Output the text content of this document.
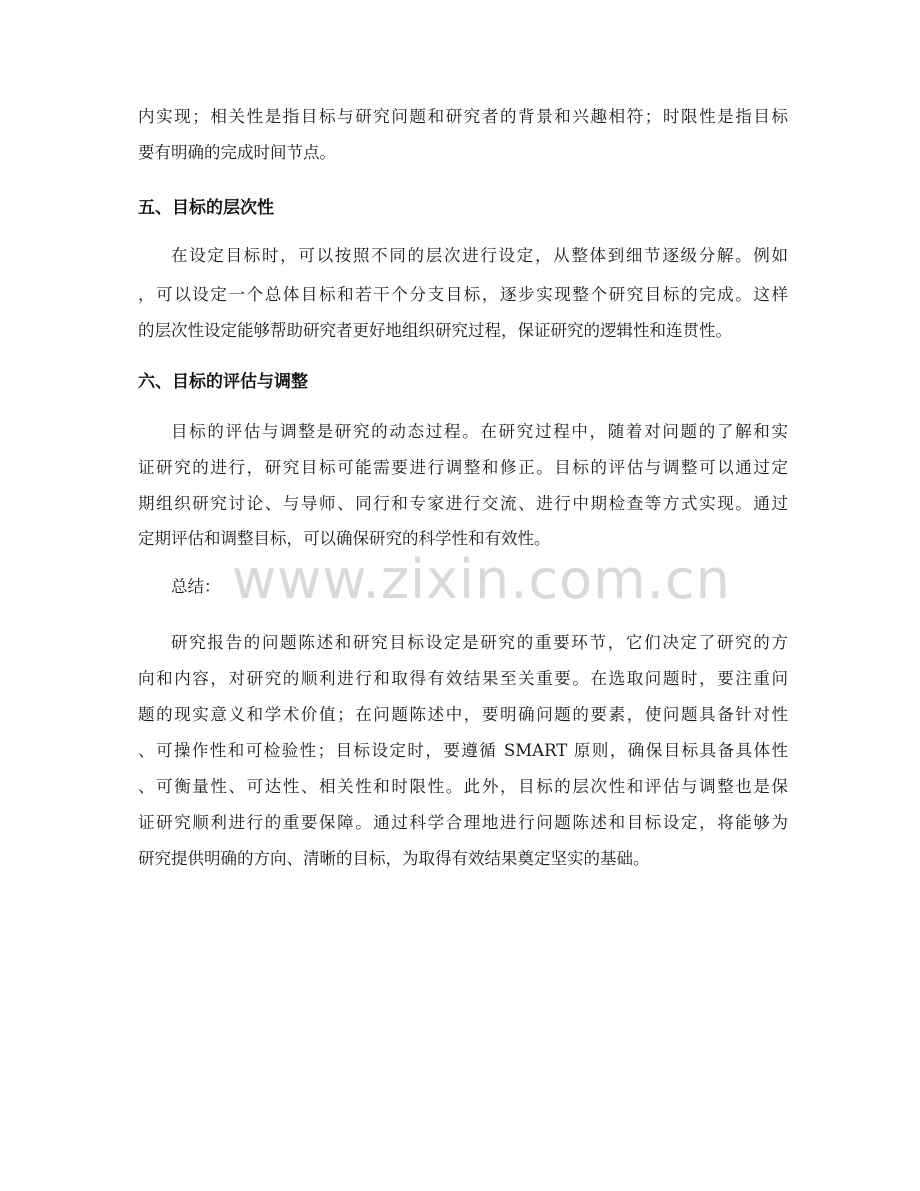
内实现；相关性是指目标与研究问题和研究者的背景和兴趣相符；时限性是指目标
要有明确的完成时间节点。
五、目标的层次性
在设定目标时，可以按照不同的层次进行设定，从整体到细节逐级分解。例如
，可以设定一个总体目标和若干个分支目标，逐步实现整个研究目标的完成。这样
的层次性设定能够帮助研究者更好地组织研究过程，保证研究的逻辑性和连贯性。
六、目标的评估与调整
目标的评估与调整是研究的动态过程。在研究过程中，随着对问题的了解和实
证研究的进行，研究目标可能需要进行调整和修正。目标的评估与调整可以通过定
期组织研究讨论、与导师、同行和专家进行交流、进行中期检查等方式实现。通过
定期评估和调整目标，可以确保研究的科学性和有效性。
www.zixin.com.cn
总结：
研究报告的问题陈述和研究目标设定是研究的重要环节，它们决定了研究的方
向和内容，对研究的顺利进行和取得有效结果至关重要。在选取问题时，要注重问
题的现实意义和学术价值；在问题陈述中，要明确问题的要素，使问题具备针对性
、可操作性和可检验性；目标设定时，要遵循 SMART 原则，确保目标具备具体性
、可衡量性、可达性、相关性和时限性。此外，目标的层次性和评估与调整也是保
证研究顺利进行的重要保障。通过科学合理地进行问题陈述和目标设定，将能够为
研究提供明确的方向、清晰的目标，为取得有效结果奠定坚实的基础。
